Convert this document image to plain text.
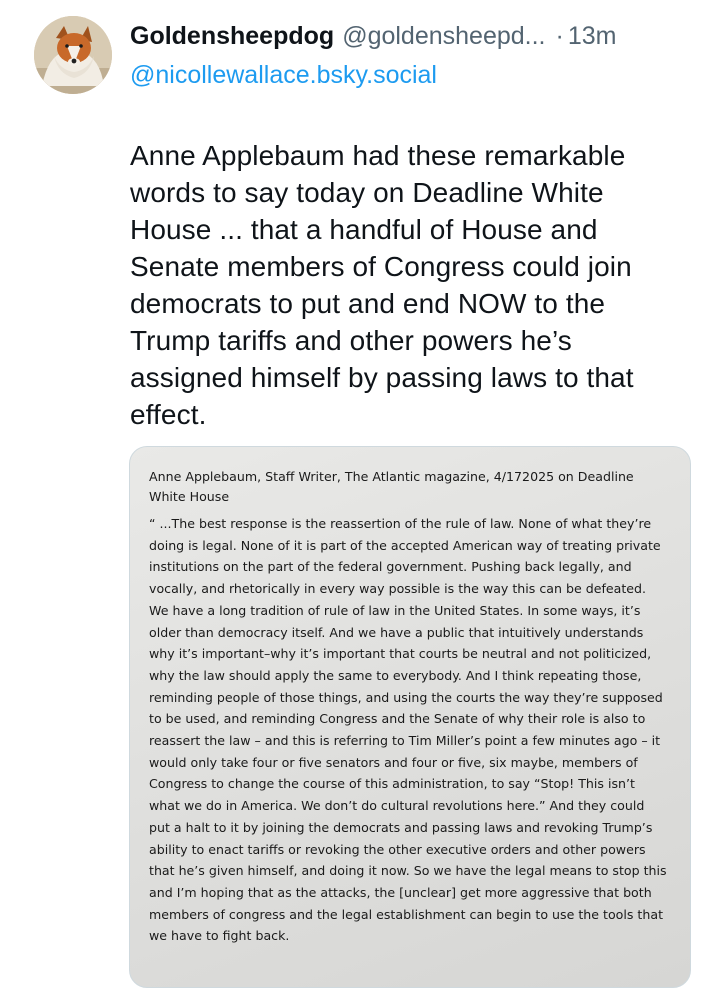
Goldensheepdog @goldensheepd... · 13m
@nicollewallace.bsky.social
Anne Applebaum had these remarkable words to say today on Deadline White House ... that a handful of House and Senate members of Congress could join democrats to put and end NOW to the Trump tariffs and other powers he’s assigned himself by passing laws to that effect.
Anne Applebaum, Staff Writer, The Atlantic magazine, 4/172025 on Deadline White House
“ ...The best response is the reassertion of the rule of law. None of what they’re doing is legal. None of it is part of the accepted American way of treating private institutions on the part of the federal government. Pushing back legally, and vocally, and rhetorically in every way possible is the way this can be defeated. We have a long tradition of rule of law in the United States. In some ways, it’s older than democracy itself. And we have a public that intuitively understands why it’s important–why it’s important that courts be neutral and not politicized, why the law should apply the same to everybody. And I think repeating those, reminding people of those things, and using the courts the way they’re supposed to be used, and reminding Congress and the Senate of why their role is also to reassert the law – and this is referring to Tim Miller’s point a few minutes ago – it would only take four or five senators and four or five, six maybe, members of Congress to change the course of this administration, to say “Stop! This isn’t what we do in America. We don’t do cultural revolutions here.” And they could put a halt to it by joining the democrats and passing laws and revoking Trump’s ability to enact tariffs or revoking the other executive orders and other powers that he’s given himself, and doing it now. So we have the legal means to stop this and I’m hoping that as the attacks, the [unclear] get more aggressive that both members of congress and the legal establishment can begin to use the tools that we have to fight back.
